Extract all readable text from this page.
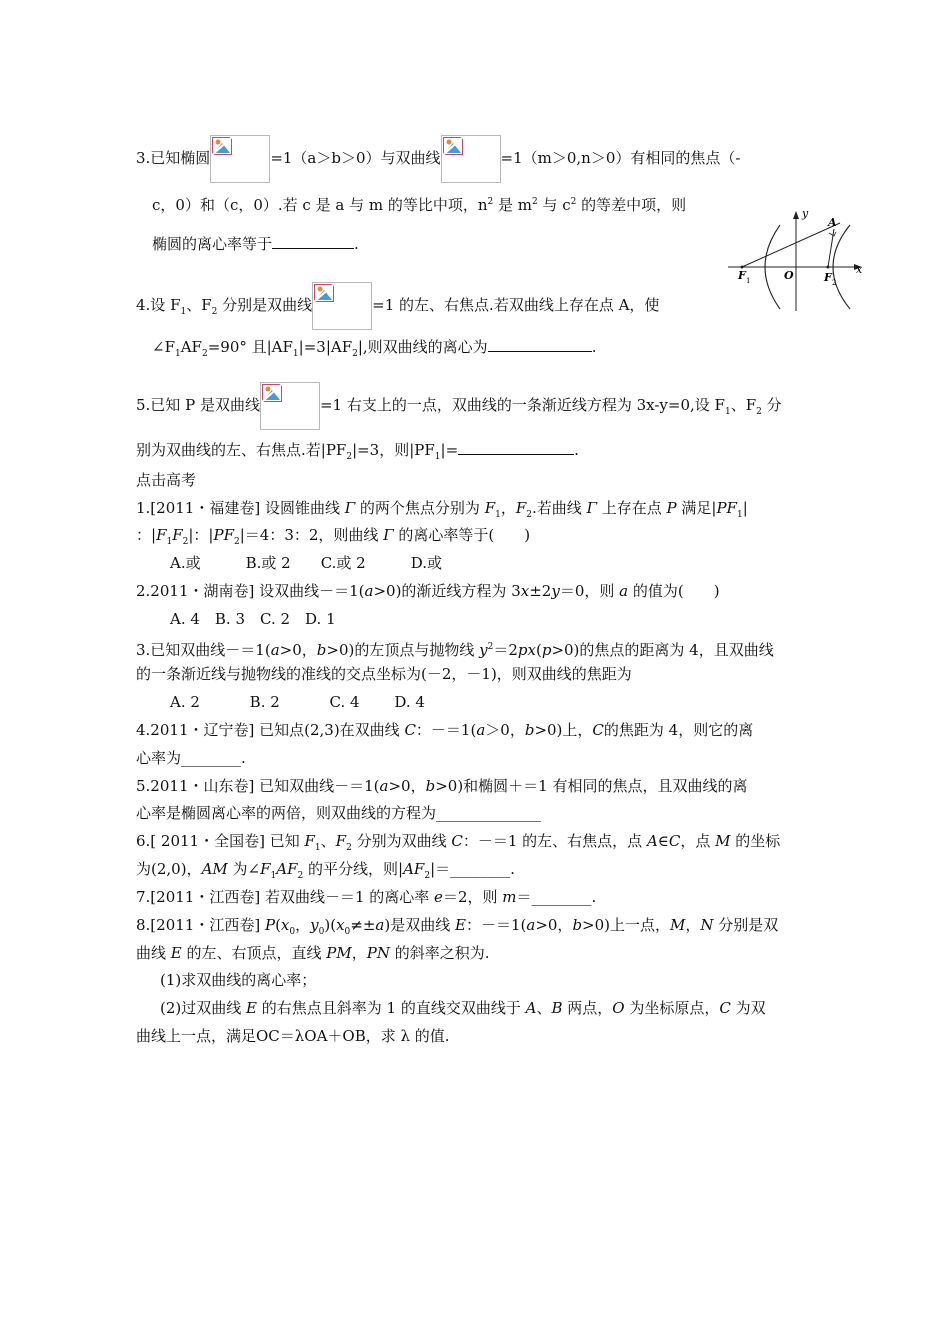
3.已知椭圆	=1（a＞b＞0）与双曲线	=1（m＞0,n＞0）有相同的焦点（-
c，0）和（c，0）.若 c 是 a 与 m 的等比中项，$n^2$ 是 $m^2$ 与 $c^2$ 的等差中项，则
椭圆的离心率等于	.
y
x
A
O
F 1	F 2
4.设 $F_1$、$F_2$ 分别是双曲线	=1 的左、右焦点.若双曲线上存在点 A，使
$\angle F_1AF_2=90^\circ$ 且$|AF_1|=3|AF_2|$,则双曲线的离心为	.
5.已知 P 是双曲线	=1 右支上的一点，双曲线的一条渐近线方程为 3x-y=0,设 $F_1$、$F_2$ 分
别为双曲线的左、右焦点.若$|PF_2|=3$，则$|PF_1|=$	.
点击高考
1.[2011・福建卷] 设圆锥曲线 Γ 的两个焦点分别为 $F_1$，$F_2$.若曲线 Γ 上存在点 P 满足$|PF_1|$
：$|F_1F_2|$：$|PF_2|=4$：3：2，则曲线 Γ 的离心率等于(　　)
A.或　　　B.或 2　　C.或 2　　　D.或
2.2011・湖南卷] 设双曲线－＝1(a>0)的渐近线方程为 3x±2y＝0，则 a 的值为(　　)
A. 4　B. 3　C. 2　D. 1
3.已知双曲线－＝1(a>0，b>0)的左顶点与抛物线 $y^2=2px(p>0)$的焦点的距离为 4，且双曲线
的一条渐近线与抛物线的准线的交点坐标为(－2，－1)，则双曲线的焦距为
A. 2　　　 B. 2　　　 C. 4　　 D. 4
4.2011・辽宁卷] 已知点(2,3)在双曲线 C：－＝1(a＞0，b>0)上，C的焦距为 4，则它的离
心率为________.
5.2011・山东卷] 已知双曲线－＝1(a>0，b>0)和椭圆＋＝1 有相同的焦点，且双曲线的离
心率是椭圆离心率的两倍，则双曲线的方程为______________
6.[ 2011・全国卷] 已知 $F_1$、$F_2$ 分别为双曲线 C：－＝1 的左、右焦点，点 A∈C，点 M 的坐标
为(2,0)，AM 为$\angle F_1AF_2$ 的平分线，则$|AF_2|=\_\_\_\_\_\_\_\_$.
7.[2011・江西卷] 若双曲线－＝1 的离心率 e＝2，则 m＝________.
8.[2011・江西卷] $P(x_0$，$y_0)(x_0\ne\pm a)$是双曲线 E：－＝1(a>0，b>0)上一点，M，N 分别是双
曲线 E 的左、右顶点，直线 PM，PN 的斜率之积为.
(1)求双曲线的离心率；
(2)过双曲线 E 的右焦点且斜率为 1 的直线交双曲线于 A、B 两点，O 为坐标原点，C 为双
曲线上一点，满足OC＝λOA＋OB，求 λ 的值.
